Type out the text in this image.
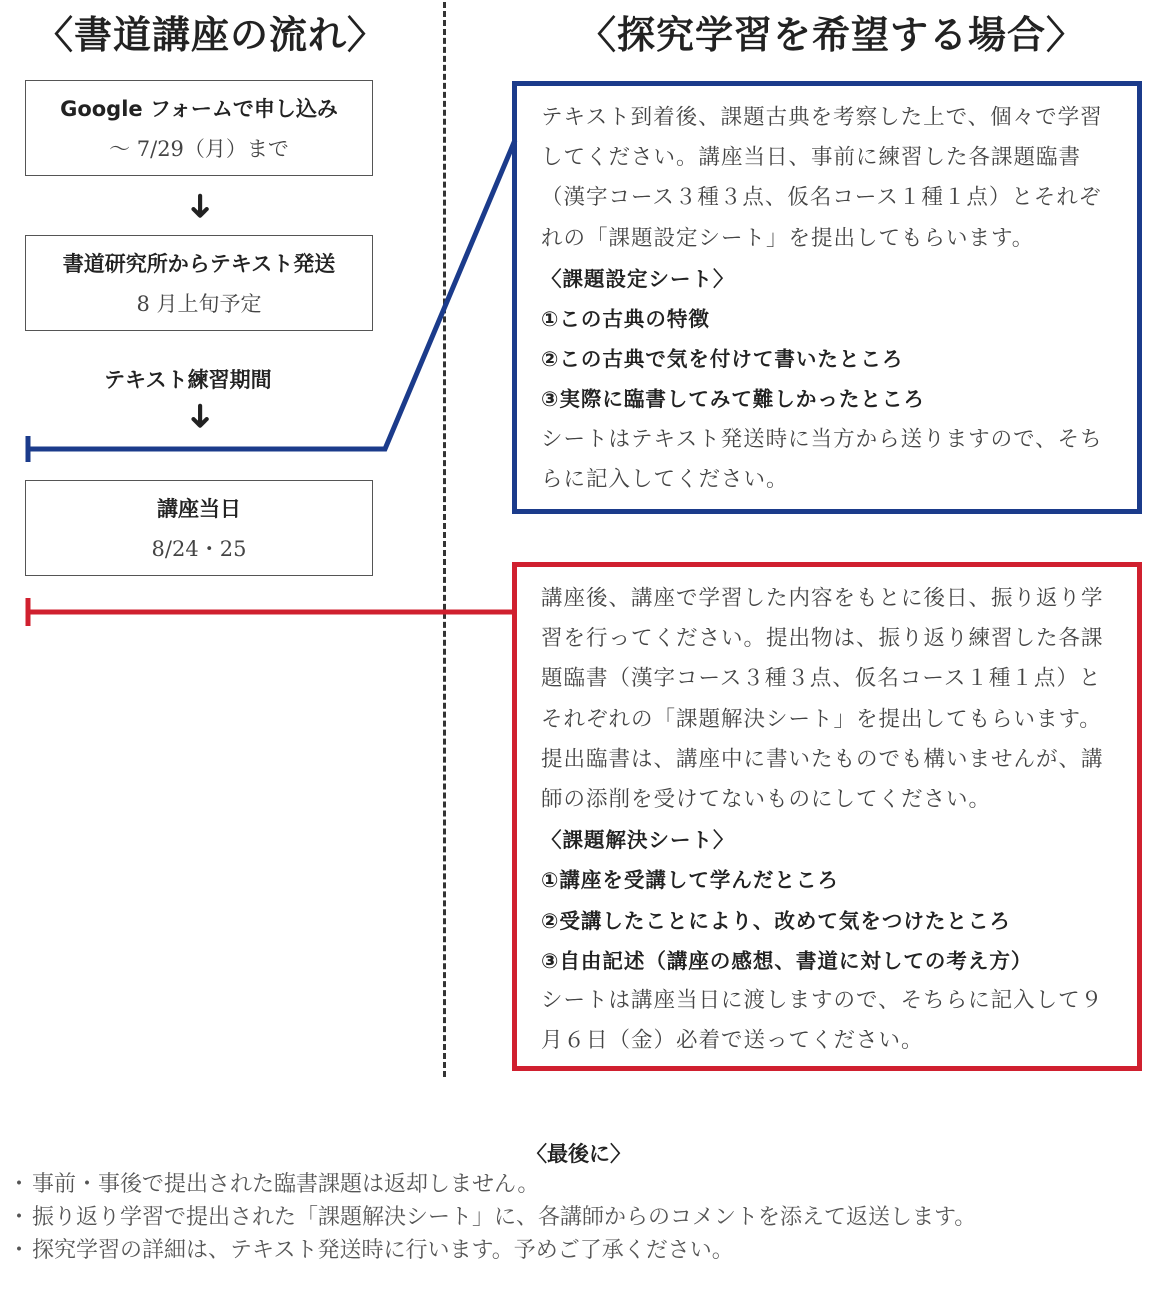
〈書道講座の流れ〉	〈探究学習を希望する場合〉
Google フォームで申し込み
～ 7/29（月）まで
➜
書道研究所からテキスト発送
8 月上旬予定
テキスト練習期間
➜
講座当日
8/24・25

テキスト到着後、課題古典を考察した上で、個々で学習してください。講座当日、事前に練習した各課題臨書（漢字コース３種３点、仮名コース１種１点）とそれぞれの「課題設定シート」を提出してもらいます。

〈課題設定シート〉
①この古典の特徴
②この古典で気を付けて書いたところ
③実際に臨書してみて難しかったところ

シートはテキスト発送時に当方から送りますので、そちらに記入してください。

講座後、講座で学習した内容をもとに後日、振り返り学習を行ってください。提出物は、振り返り練習した各課題臨書（漢字コース３種３点、仮名コース１種１点）とそれぞれの「課題解決シート」を提出してもらいます。提出臨書は、講座中に書いたものでも構いませんが、講師の添削を受けてないものにしてください。

〈課題解決シート〉
①講座を受講して学んだところ
②受講したことにより、改めて気をつけたところ
③自由記述（講座の感想、書道に対しての考え方）

シートは講座当日に渡しますので、そちらに記入して９月６日（金）必着で送ってください。

〈最後に〉
・ 事前・事後で提出された臨書課題は返却しません。
・ 振り返り学習で提出された「課題解決シート」に、各講師からのコメントを添えて返送します。
・ 探究学習の詳細は、テキスト発送時に行います。予めご了承ください。
